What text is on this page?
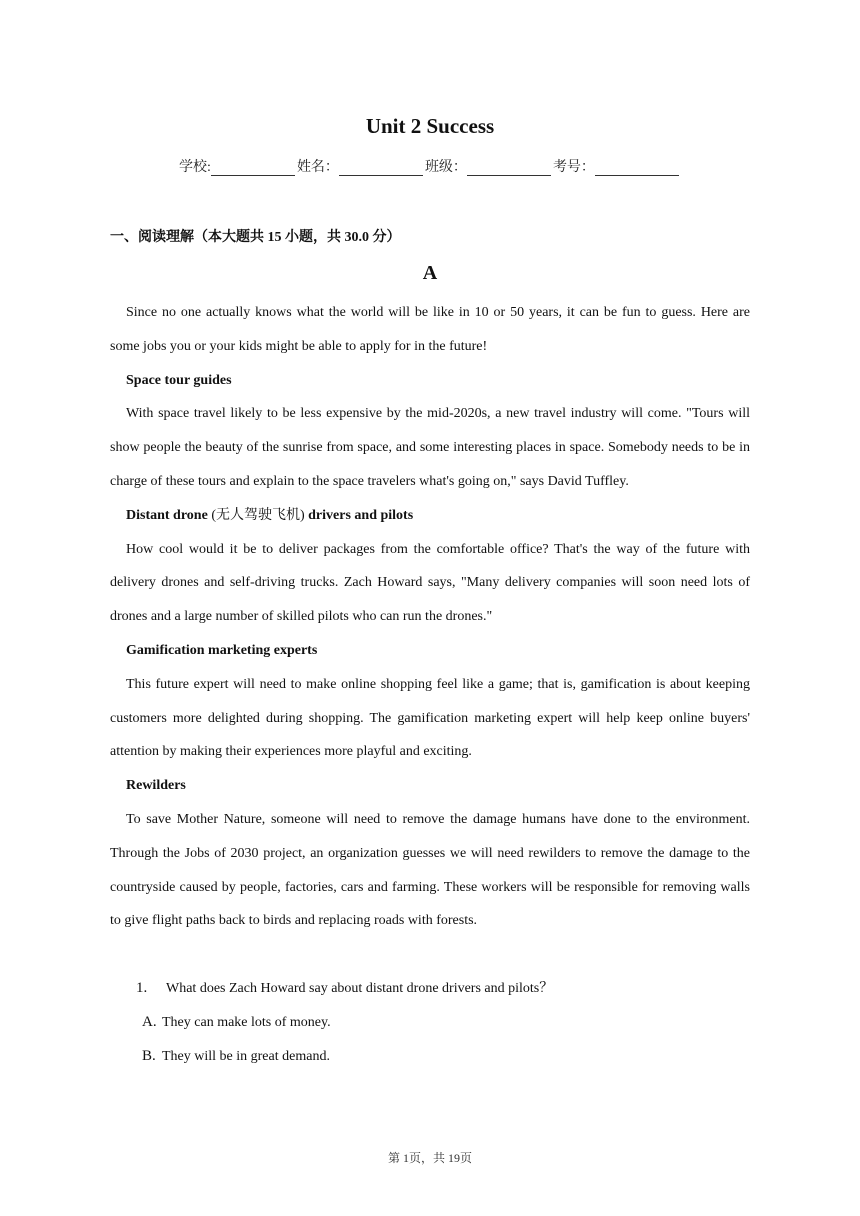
Unit 2 Success
学校:	姓名：	班级：	考号：
一、阅读理解（本大题共 15 小题，共 30.0 分）
A

Since no one actually knows what the world will be like in 10 or 50 years, it can be fun to guess. Here are some jobs you or your kids might be able to apply for in the future!

Space tour guides

With space travel likely to be less expensive by the mid-2020s, a new travel industry will come. "Tours will show people the beauty of the sunrise from space, and some interesting places in space. Somebody needs to be in charge of these tours and explain to the space travelers what's going on," says David Tuffley.

Distant drone (无人驾驶飞机) drivers and pilots

How cool would it be to deliver packages from the comfortable office? That's the way of the future with delivery drones and self-driving trucks. Zach Howard says, "Many delivery companies will soon need lots of drones and a large number of skilled pilots who can run the drones."

Gamification marketing experts

This future expert will need to make online shopping feel like a game; that is, gamification is about keeping customers more delighted during shopping. The gamification marketing expert will help keep online buyers' attention by making their experiences more playful and exciting.

Rewilders

To save Mother Nature, someone will need to remove the damage humans have done to the environment. Through the Jobs of 2030 project, an organization guesses we will need rewilders to remove the damage to the countryside caused by people, factories, cars and farming. These workers will be responsible for removing walls to give flight paths back to birds and replacing roads with forests.

1. What does Zach Howard say about distant drone drivers and pilots？
A. They can make lots of money.
B. They will be in great demand.
第 1页，共 19页
